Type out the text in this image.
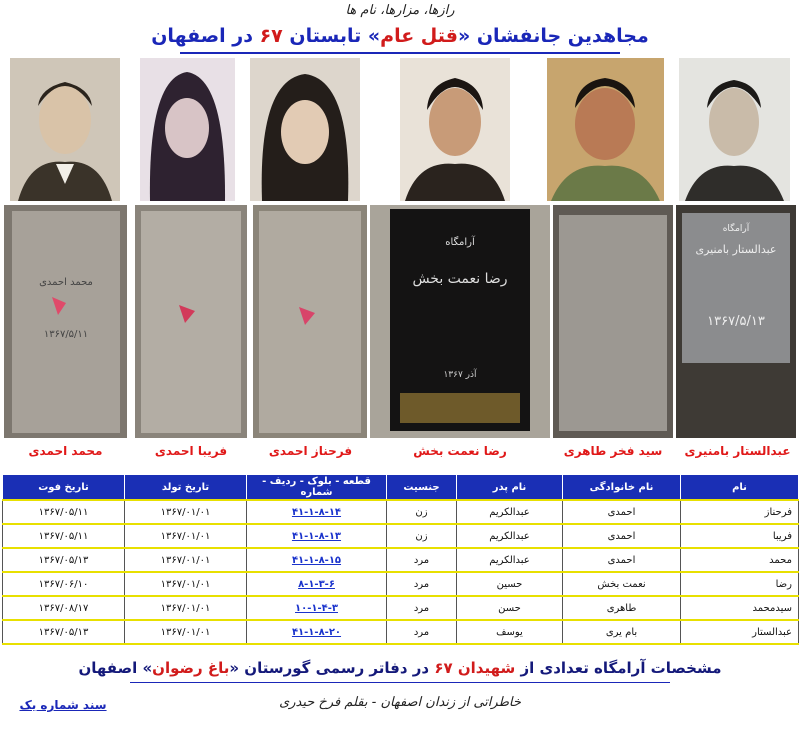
رازها، مزارها، نام ها
مجاهدین جانفشان «قتل عام» تابستان ۶۷ در اصفهان
محمد احمدی
۱۳۶۷/۵/۱۱
آرامگاه
رضا نعمت بخش
آذر ۱۳۶۷
آرامگاه
عبدالستار بامنیری
۱۳۶۷/۵/۱۳
عبدالستار بامنیری
سید فخر طاهری
رضا نعمت بخش
فرحناز احمدی
فریبا احمدی
محمد احمدی
نام	نام خانوادگی	نام پدر	جنسیت	قطعه - بلوک - ردیف - شماره	تاریخ تولد	تاریخ فوت
فرحناز	احمدی	عبدالکریم	زن	۴۱-۱-۸-۱۴	۱۳۶۷/۰۱/۰۱	۱۳۶۷/۰۵/۱۱
فریبا	احمدی	عبدالکریم	زن	۴۱-۱-۸-۱۳	۱۳۶۷/۰۱/۰۱	۱۳۶۷/۰۵/۱۱
محمد	احمدی	عبدالکریم	مرد	۴۱-۱-۸-۱۵	۱۳۶۷/۰۱/۰۱	۱۳۶۷/۰۵/۱۳
رضا	نعمت بخش	حسین	مرد	۸-۱-۳-۶	۱۳۶۷/۰۱/۰۱	۱۳۶۷/۰۶/۱۰
سیدمحمد	طاهری	حسن	مرد	۱۰-۱-۴-۳	۱۳۶۷/۰۱/۰۱	۱۳۶۷/۰۸/۱۷
عبدالستار	بام یری	یوسف	مرد	۴۱-۱-۸-۲۰	۱۳۶۷/۰۱/۰۱	۱۳۶۷/۰۵/۱۳
مشخصات آرامگاه تعدادی از شهیدان ۶۷ در دفاتر رسمی گورستان «باغ رضوان» اصفهان
خاطراتی از زندان اصفهان - بقلم فرخ حیدری
سند شماره یک
